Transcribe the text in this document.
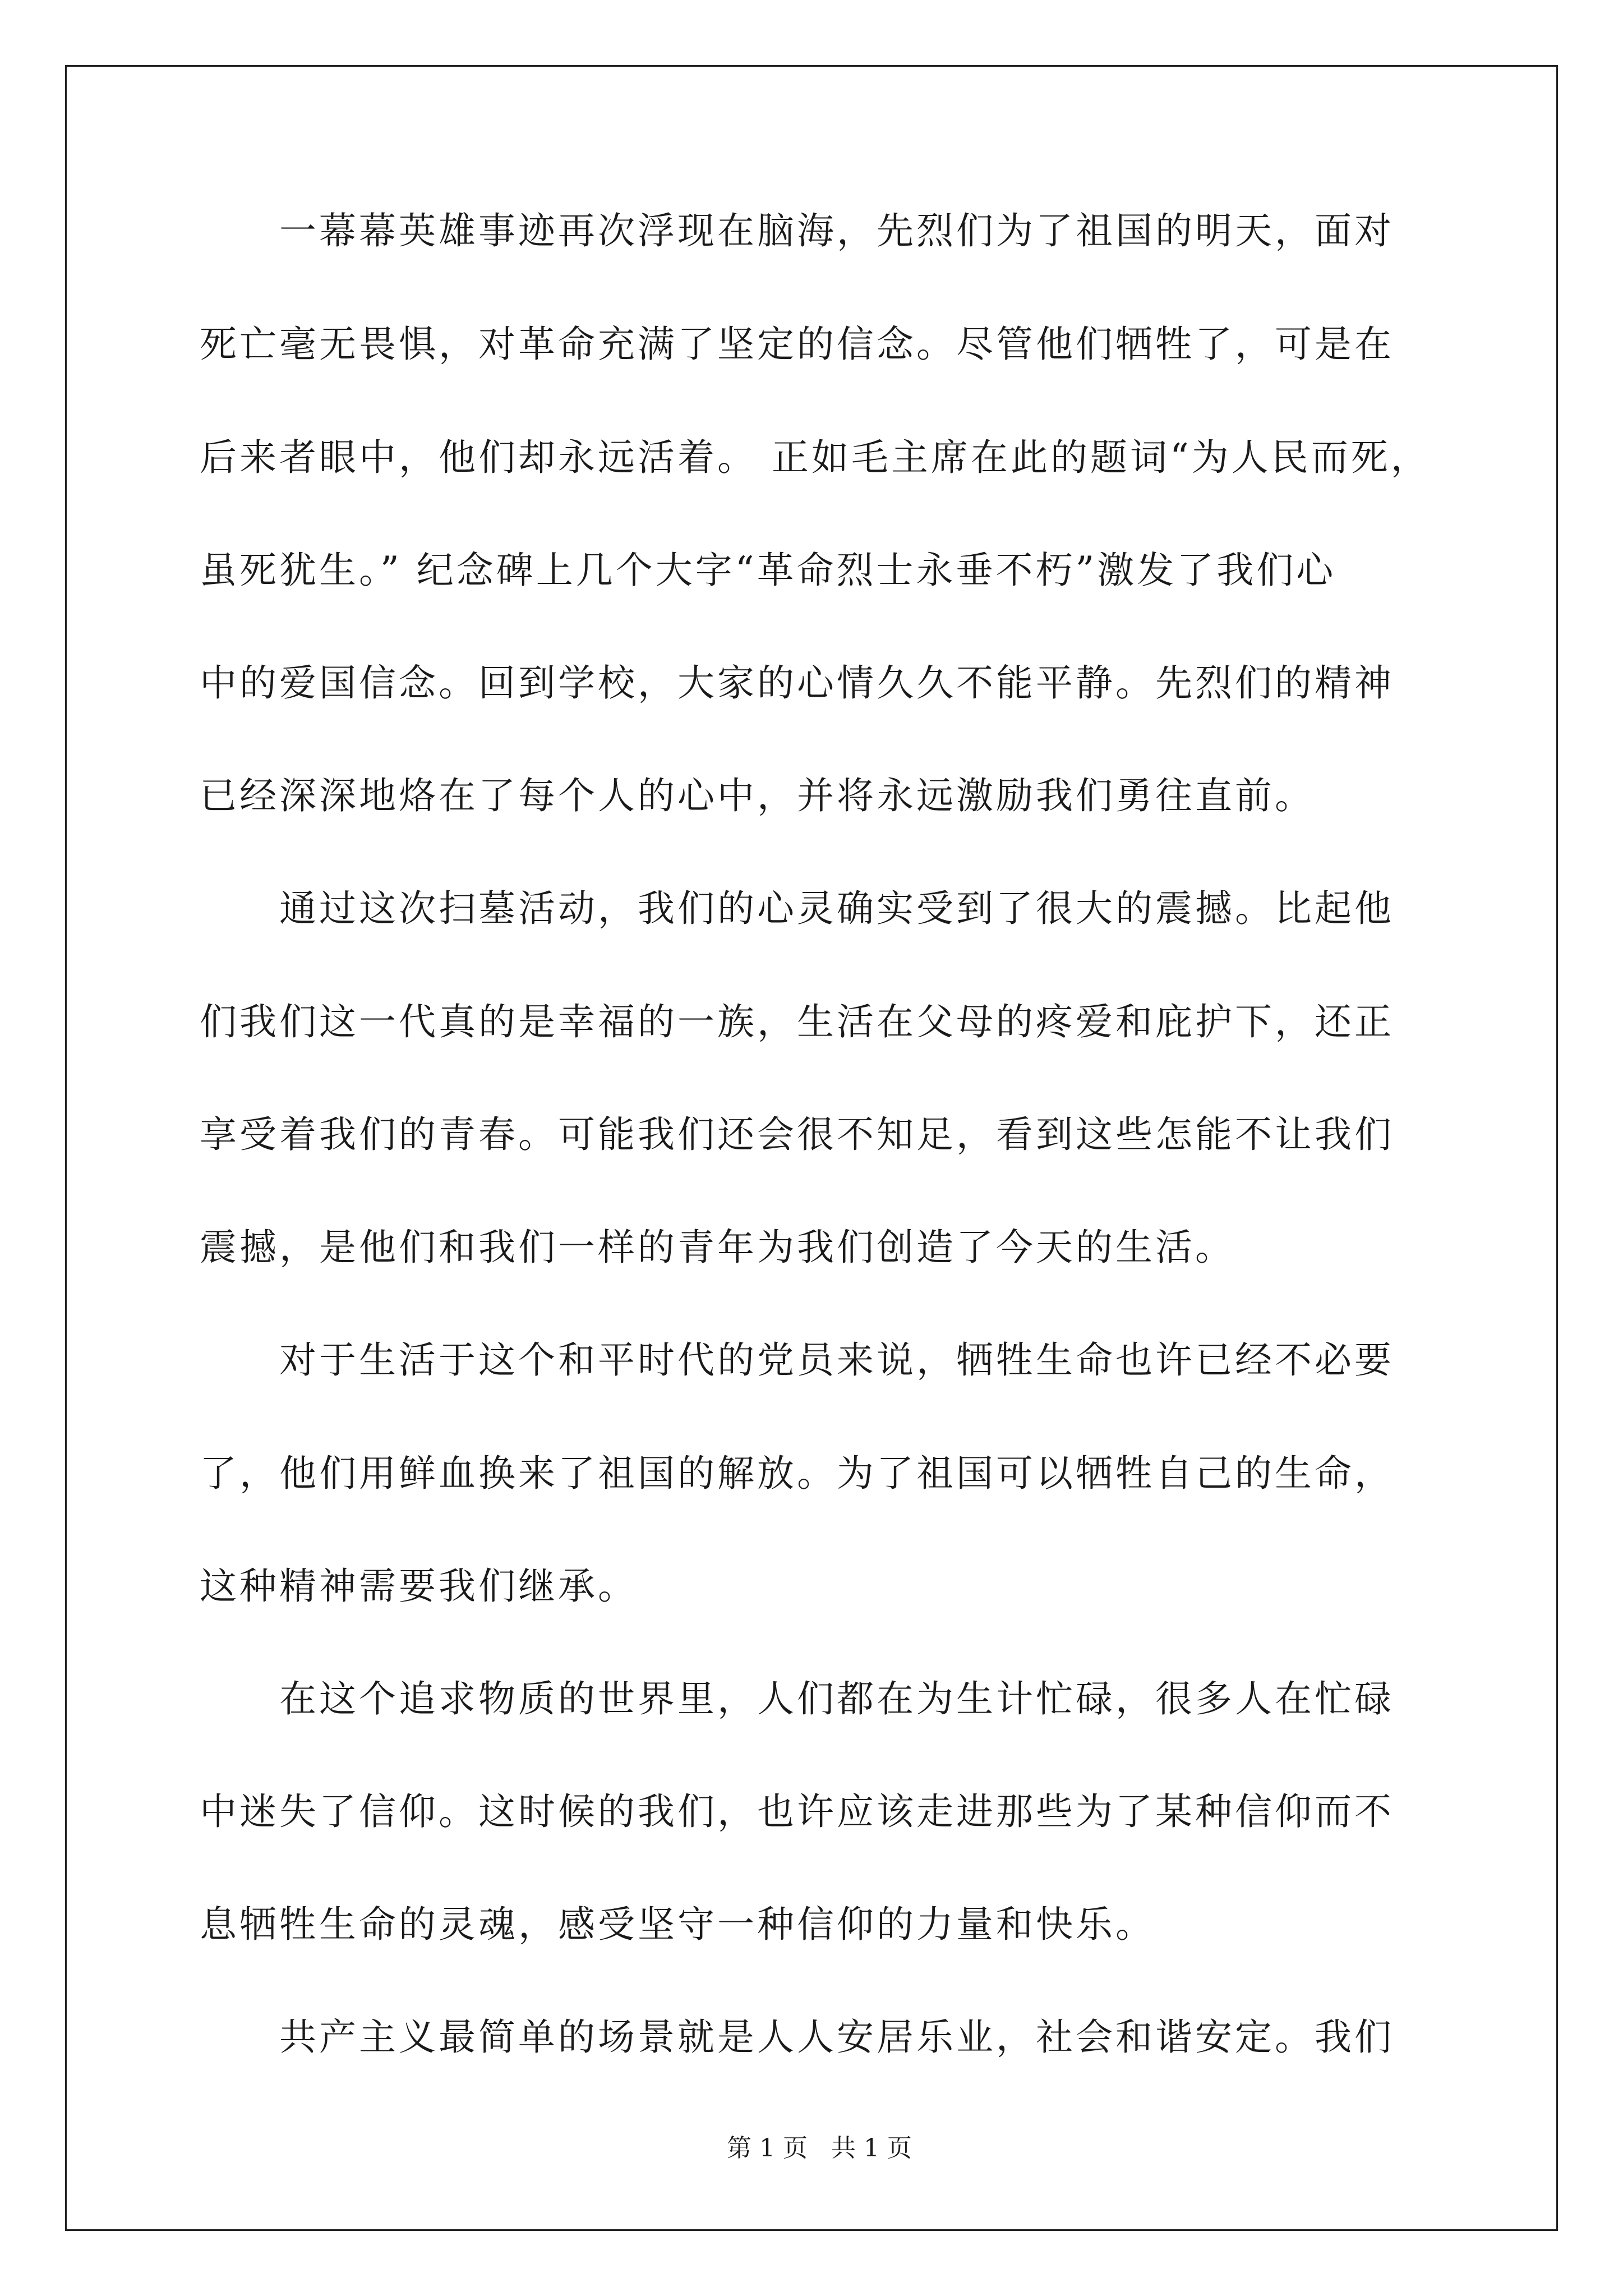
　　一幕幕英雄事迹再次浮现在脑海，先烈们为了祖国的明天，面对
死亡毫无畏惧，对革命充满了坚定的信念。尽管他们牺牲了，可是在
后来者眼中，他们却永远活着。 正如毛主席在此的题词“为人民而死，
虽死犹生。” 纪念碑上几个大字“革命烈士永垂不朽”激发了我们心
中的爱国信念。回到学校，大家的心情久久不能平静。先烈们的精神
已经深深地烙在了每个人的心中，并将永远激励我们勇往直前。
　　通过这次扫墓活动，我们的心灵确实受到了很大的震撼。比起他
们我们这一代真的是幸福的一族，生活在父母的疼爱和庇护下，还正
享受着我们的青春。可能我们还会很不知足，看到这些怎能不让我们
震撼，是他们和我们一样的青年为我们创造了今天的生活。
　　对于生活于这个和平时代的党员来说，牺牲生命也许已经不必要
了，他们用鲜血换来了祖国的解放。为了祖国可以牺牲自己的生命，
这种精神需要我们继承。
　　在这个追求物质的世界里，人们都在为生计忙碌，很多人在忙碌
中迷失了信仰。这时候的我们，也许应该走进那些为了某种信仰而不
息牺牲生命的灵魂，感受坚守一种信仰的力量和快乐。
　　共产主义最简单的场景就是人人安居乐业，社会和谐安定。我们

第 1 页   共 1 页
